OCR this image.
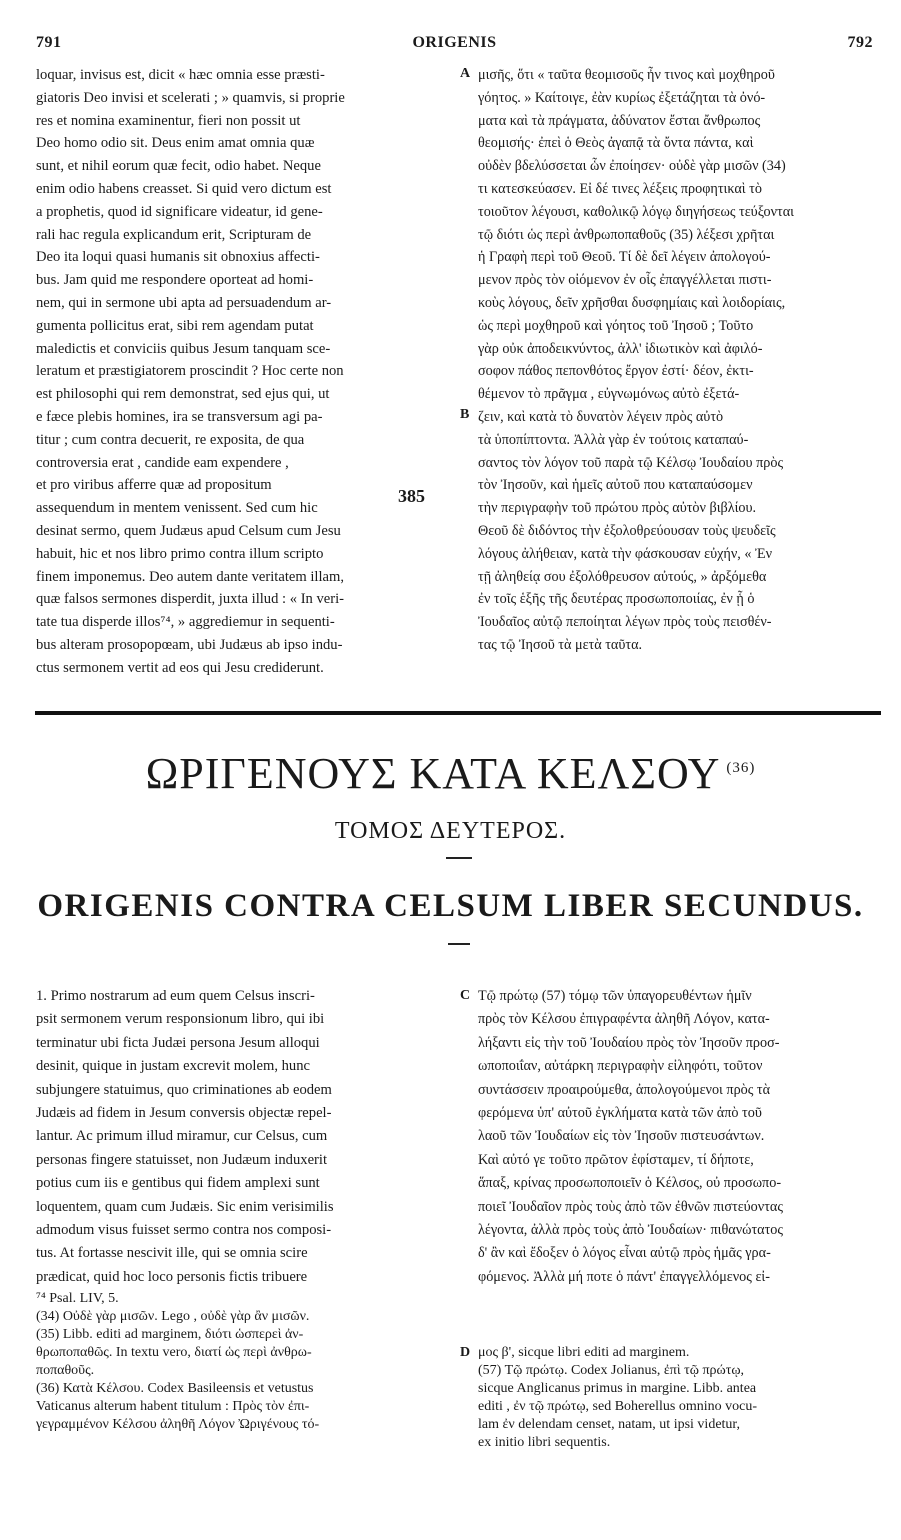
791	ORIGENIS	792
loquar, invisus est, dicit « hæc omnia esse præsti-
giatoris Deo invisi et scelerati ; » quamvis, si proprie
res et nomina examinentur, fieri non possit ut
Deo homo odio sit. Deus enim amat omnia quæ
sunt, et nihil eorum quæ fecit, odio habet. Neque
enim odio habens creasset. Si quid vero dictum est
a prophetis, quod id significare videatur, id gene-
rali hac regula explicandum erit, Scripturam de
Deo ita loqui quasi humanis sit obnoxius affecti-
bus. Jam quid me respondere oporteat ad homi-
nem, qui in sermone ubi apta ad persuadendum ar-
gumenta pollicitus erat, sibi rem agendam putat
maledictis et conviciis quibus Jesum tanquam sce-
leratum et præstigiatorem proscindit ? Hoc certe non
est philosophi qui rem demonstrat, sed ejus qui, ut
e fæce plebis homines, ira se transversum agi pa-
titur ; cum contra decuerit, re exposita, de qua
controversia erat , candide eam expendere ,
et pro viribus afferre quæ ad propositum
assequendum in mentem venissent. Sed cum hic
desinat sermo, quem Judæus apud Celsum cum Jesu
habuit, hic et nos libro primo contra illum scripto
finem imponemus. Deo autem dante veritatem illam,
quæ falsos sermones disperdit, juxta illud : « In veri-
tate tua disperde illos⁷⁴, » aggrediemur in sequenti-
bus alteram prosopopœam, ubi Judæus ab ipso indu-
ctus sermonem vertit ad eos qui Jesu crediderunt.
μισῆς, ὅτι « ταῦτα θεομισοῦς ἦν τινος καὶ μοχθηροῦ
γόητος. » Καίτοιγε, ἐὰν κυρίως ἐξετάζηται τὰ ὀνό-
ματα καὶ τὰ πράγματα, ἀδύνατον ἔσται ἄνθρωπος
θεομισής· ἐπεὶ ὁ Θεὸς ἀγαπᾷ τὰ ὄντα πάντα, καὶ
οὐδὲν βδελύσσεται ὧν ἐποίησεν· οὐδὲ γὰρ μισῶν (34)
τι κατεσκεύασεν. Εἰ δέ τινες λέξεις προφητικαὶ τὸ
τοιοῦτον λέγουσι, καθολικῷ λόγῳ διηγήσεως τεύξονται
τῷ διότι ὡς περὶ ἀνθρωποπαθοῦς (35) λέξεσι χρῆται
ἡ Γραφὴ περὶ τοῦ Θεοῦ. Τί δὲ δεῖ λέγειν ἀπολογού-
μενον πρὸς τὸν οἰόμενον ἐν οἷς ἐπαγγέλλεται πιστι-
κοὺς λόγους, δεῖν χρῆσθαι δυσφημίαις καὶ λοιδορίαις,
ὡς περὶ μοχθηροῦ καὶ γόητος τοῦ Ἰησοῦ ; Τοῦτο
γὰρ οὐκ ἀποδεικνύντος, ἀλλ' ἰδιωτικὸν καὶ ἀφιλό-
σοφον πάθος πεπονθότος ἔργον ἐστί· δέον, ἐκτι-
θέμενον τὸ πρᾶγμα , εὐγνωμόνως αὐτὸ ἐξετά-
ζειν, καὶ κατὰ τὸ δυνατὸν λέγειν πρὸς αὐτὸ
τὰ ὑποπίπτοντα. Ἀλλὰ γὰρ ἐν τούτοις καταπαύ-
σαντος τὸν λόγον τοῦ παρὰ τῷ Κέλσῳ Ἰουδαίου πρὸς
τὸν Ἰησοῦν, καὶ ἡμεῖς αὐτοῦ που καταπαύσομεν
τὴν περιγραφὴν τοῦ πρώτου πρὸς αὐτὸν βιβλίου.
Θεοῦ δὲ διδόντος τὴν ἐξολοθρεύουσαν τοὺς ψευδεῖς
λόγους ἀλήθειαν, κατὰ τὴν φάσκουσαν εὐχήν, « Ἐν
τῇ ἀληθείᾳ σου ἐξολόθρευσον αὐτούς, » ἀρξόμεθα
ἐν τοῖς ἑξῆς τῆς δευτέρας προσωποποιίας, ἐν ᾗ ὁ
Ἰουδαῖος αὐτῷ πεποίηται λέγων πρὸς τοὺς πεισθέν-
τας τῷ Ἰησοῦ τὰ μετὰ ταῦτα.
A
B
385
ΩΡΙΓΕΝΟΥΣ ΚΑΤΑ ΚΕΛΣΟΥ $^{(36)}$
ΤΟΜΟΣ ΔΕΥΤΕΡΟΣ.
ORIGENIS CONTRA CELSUM LIBER SECUNDUS.
1. Primo nostrarum ad eum quem Celsus inscri-
psit sermonem verum responsionum libro, qui ibi
terminatur ubi ficta Judæi persona Jesum alloqui
desinit, quique in justam excrevit molem, hunc
subjungere statuimus, quo criminationes ab eodem
Judæis ad fidem in Jesum conversis objectæ repel-
lantur. Ac primum illud miramur, cur Celsus, cum
personas fingere statuisset, non Judæum induxerit
potius cum iis e gentibus qui fidem amplexi sunt
loquentem, quam cum Judæis. Sic enim verisimilis
admodum visus fuisset sermo contra nos composi-
tus. At fortasse nescivit ille, qui se omnia scire
prædicat, quid hoc loco personis fictis tribuere
Τῷ πρώτῳ (57) τόμῳ τῶν ὑπαγορευθέντων ἡμῖν
πρὸς τὸν Κέλσου ἐπιγραφέντα ἀληθῆ Λόγον, κατα-
λήξαντι εἰς τὴν τοῦ Ἰουδαίου πρὸς τὸν Ἰησοῦν προσ-
ωποποιΐαν, αὐτάρκη περιγραφὴν εἰληφότι, τοῦτον
συντάσσειν προαιρούμεθα, ἀπολογούμενοι πρὸς τὰ
φερόμενα ὑπ' αὐτοῦ ἐγκλήματα κατὰ τῶν ἀπὸ τοῦ
λαοῦ τῶν Ἰουδαίων εἰς τὸν Ἰησοῦν πιστευσάντων.
Καὶ αὐτό γε τοῦτο πρῶτον ἐφίσταμεν, τί δήποτε,
ἅπαξ, κρίνας προσωποποιεῖν ὁ Κέλσος, οὐ προσωπο-
ποιεῖ Ἰουδαῖον πρὸς τοὺς ἀπὸ τῶν ἐθνῶν πιστεύοντας
λέγοντα, ἀλλὰ πρὸς τοὺς ἀπὸ Ἰουδαίων· πιθανώτατος
δ' ἂν καὶ ἔδοξεν ὁ λόγος εἶναι αὐτῷ πρὸς ἡμᾶς γρα-
φόμενος. Ἀλλὰ μή ποτε ὁ πάντ' ἐπαγγελλόμενος εἰ-
C
⁷⁴ Psal. LIV, 5.
(34) Οὐδὲ γὰρ μισῶν. Lego , οὐδὲ γὰρ ἂν μισῶν.
(35) Libb. editi ad marginem, διότι ὡσπερεὶ ἀν-
θρωποπαθῶς. In textu vero, διατί ὡς περὶ ἀνθρω-
ποπαθοῦς.
(36) Κατὰ Κέλσου. Codex Basileensis et vetustus
Vaticanus alterum habent titulum : Πρὸς τὸν ἐπι-
γεγραμμένον Κέλσου ἀληθῆ Λόγον Ὠριγένους τό-
μος β', sicque libri editi ad marginem.
(57) Τῷ πρώτῳ. Codex Jolianus, ἐπὶ τῷ πρώτῳ,
sicque Anglicanus primus in margine. Libb. antea
editi , ἐν τῷ πρώτῳ, sed Boherellus omnino vocu-
lam ἐν delendam censet, natam, ut ipsi videtur,
ex initio libri sequentis.
D
